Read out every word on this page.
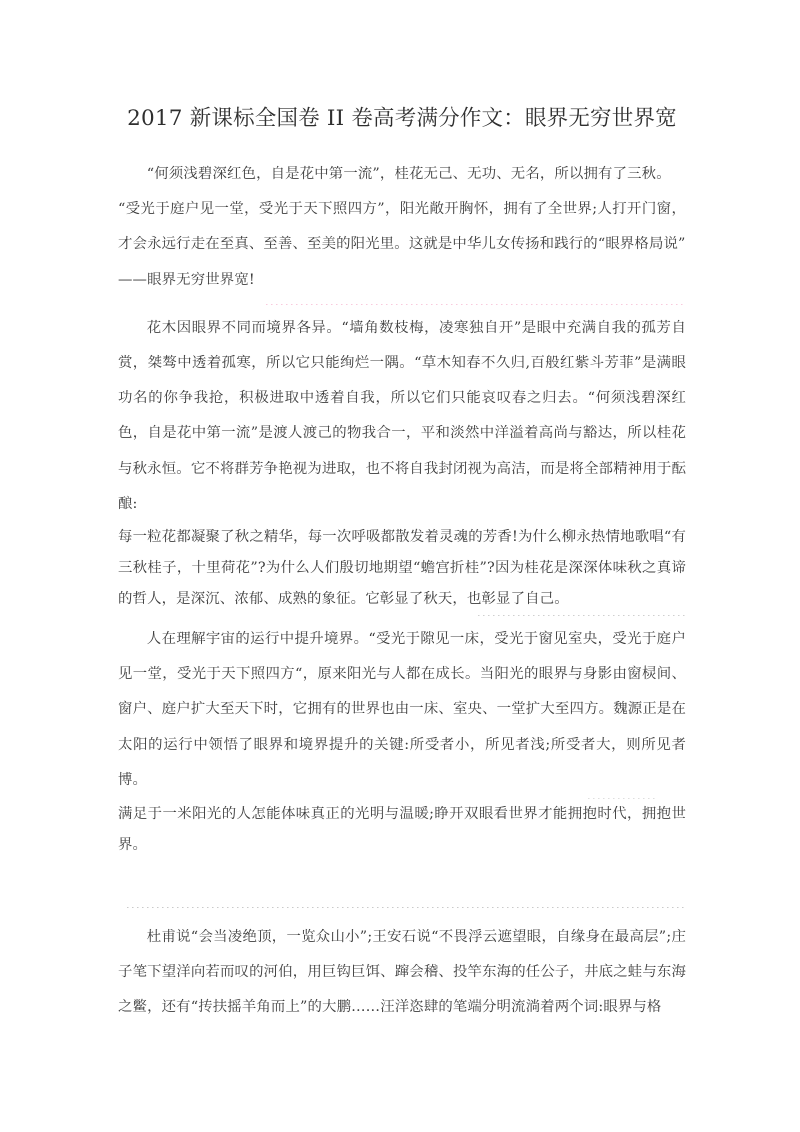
2017 新课标全国卷 II 卷高考满分作文：眼界无穷世界宽

“何须浅碧深红色，自是花中第一流”，桂花无己、无功、无名，所以拥有了三秋。

“受光于庭户见一堂，受光于天下照四方”，阳光敞开胸怀，拥有了全世界;人打开门窗，才会永远行走在至真、至善、至美的阳光里。这就是中华儿女传扬和践行的“眼界格局说”

——眼界无穷世界宽!

花木因眼界不同而境界各异。“墙角数枝梅，凌寒独自开”是眼中充满自我的孤芳自赏，桀骜中透着孤寒，所以它只能绚烂一隅。“草木知春不久归,百般红紫斗芳菲”是满眼功名的你争我抢，积极进取中透着自我，所以它们只能哀叹春之归去。“何须浅碧深红色，自是花中第一流”是渡人渡己的物我合一，平和淡然中洋溢着高尚与豁达，所以桂花与秋永恒。它不将群芳争艳视为进取，也不将自我封闭视为高洁，而是将全部精神用于酝酿:

每一粒花都凝聚了秋之精华，每一次呼吸都散发着灵魂的芳香!为什么柳永热情地歌唱“有三秋桂子，十里荷花”?为什么人们殷切地期望“蟾宫折桂”?因为桂花是深深体味秋之真谛的哲人，是深沉、浓郁、成熟的象征。它彰显了秋天，也彰显了自己。

人在理解宇宙的运行中提升境界。“受光于隙见一床，受光于窗见室央，受光于庭户见一堂，受光于天下照四方“，原来阳光与人都在成长。当阳光的眼界与身影由窗棂间、窗户、庭户扩大至天下时，它拥有的世界也由一床、室央、一堂扩大至四方。魏源正是在太阳的运行中领悟了眼界和境界提升的关键:所受者小，所见者浅;所受者大，则所见者博。

满足于一米阳光的人怎能体味真正的光明与温暖;睁开双眼看世界才能拥抱时代，拥抱世界。

杜甫说“会当凌绝顶，一览众山小”;王安石说“不畏浮云遮望眼，自缘身在最高层”;庄子笔下望洋向若而叹的河伯，用巨钩巨饵、蹿会稽、投竿东海的任公子，井底之蛙与东海之鳖，还有“抟扶摇羊角而上”的大鹏……汪洋恣肆的笔端分明流淌着两个词:眼界与格
